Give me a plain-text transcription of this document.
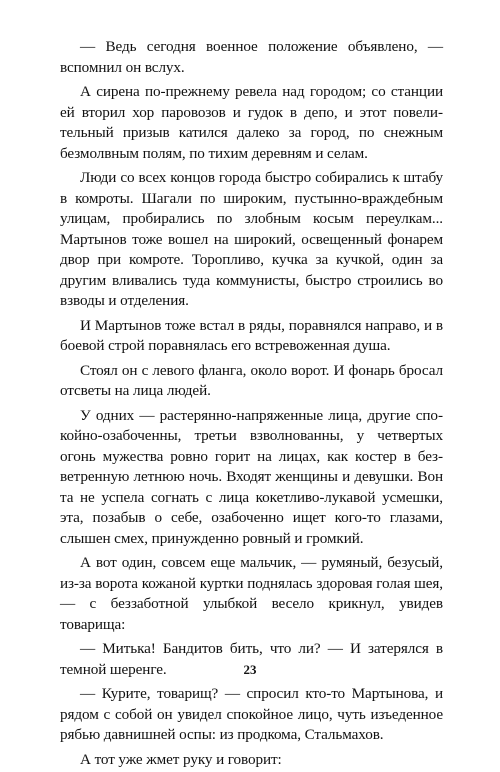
— Ведь сегодня военное положение объявлено, — вспомнил он вслух.

А сирена по-прежнему ревела над городом; со станции ей вторил хор паровозов и гудок в депо, и этот повелительный призыв катился далеко за город, по снежным безмолвным полям, по тихим деревням и селам.

Люди со всех концов города быстро собирались к штабу в комроты. Шагали по широким, пустынно-враждебным улицам, пробирались по злобным косым переулкам... Мартынов тоже вошел на широкий, освещенный фонарем двор при комроте. Торопливо, кучка за кучкой, один за другим вливались туда коммунисты, быстро строились во взводы и отделения.

И Мартынов тоже встал в ряды, поравнялся направо, и в боевой строй поравнялась его встревоженная душа.

Стоял он с левого фланга, около ворот. И фонарь бросал отсветы на лица людей.

У одних — растерянно-напряженные лица, другие спокойно-озабоченны, третьи взволнованны, у четвертых огонь мужества ровно горит на лицах, как костер в безветренную летнюю ночь. Входят женщины и девушки. Вон та не успела согнать с лица кокетливо-лукавой усмешки, эта, позабыв о себе, озабоченно ищет кого-то глазами, слышен смех, принужденно ровный и громкий.

А вот один, совсем еще мальчик, — румяный, безусый, из-за ворота кожаной куртки поднялась здоровая голая шея, — с беззаботной улыбкой весело крикнул, увидев товарища:

— Митька! Бандитов бить, что ли? — И затерялся в темной шеренге.

— Курите, товарищ? — спросил кто-то Мартынова, и рядом с собой он увидел спокойное лицо, чуть изъеденное рябью давнишней оспы: из продкома, Стальмахов.

А тот уже жмет руку и говорит:

23
